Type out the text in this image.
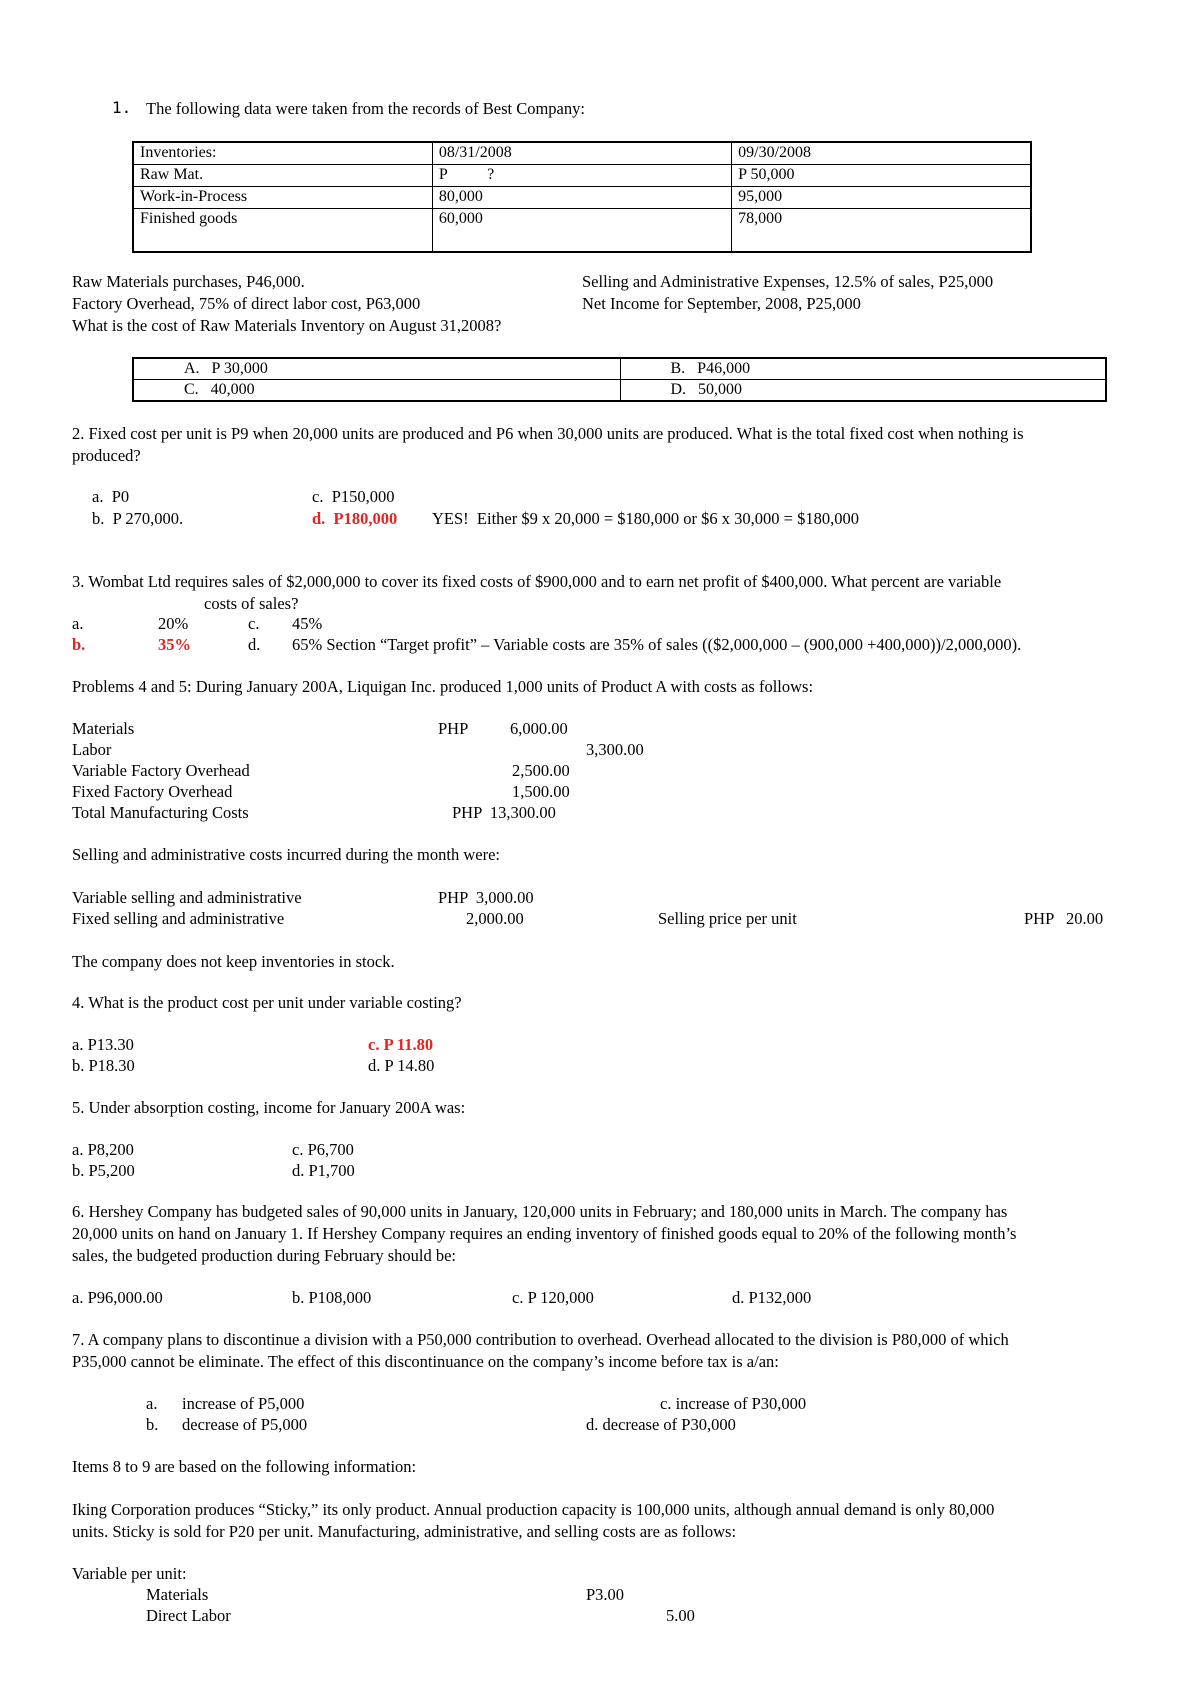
1. The following data were taken from the records of Best Company:
Inventories:	08/31/2008	09/30/2008
Raw Mat.	P          ?	P 50,000
Work-in-Process	80,000	95,000
Finished goods	60,000	78,000
Raw Materials purchases, P46,000.
Factory Overhead, 75% of direct labor cost, P63,000
What is the cost of Raw Materials Inventory on August 31,2008?
Selling and Administrative Expenses, 12.5% of sales, P25,000
Net Income for September, 2008, P25,000
A.   P 30,000	B.   P46,000
C.   40,000	D.   50,000
2. Fixed cost per unit is P9 when 20,000 units are produced and P6 when 30,000 units are produced. What is the total fixed cost when nothing is
produced?
a.  P0
b.  P 270,000.
c.  P150,000
d.  P180,000 YES!  Either $9 x 20,000 = $180,000 or $6 x 30,000 = $180,000
3. Wombat Ltd requires sales of $2,000,000 to cover its fixed costs of $900,000 and to earn net profit of $400,000. What percent are variable
costs of sales?
a.	20%	c. 45%
b.	35%	d. 65% Section “Target profit” – Variable costs are 35% of sales (($2,000,000 – (900,000 +400,000))/2,000,000).
Problems 4 and 5: During January 200A, Liquigan Inc. produced 1,000 units of Product A with costs as follows:
Materials	PHP	6,000.00
Labor	3,300.00
Variable Factory Overhead	2,500.00
Fixed Factory Overhead	1,500.00
Total Manufacturing Costs	PHP  13,300.00
Selling and administrative costs incurred during the month were:
Variable selling and administrative	PHP  3,000.00
Fixed selling and administrative	2,000.00	Selling price per unit	PHP   20.00
The company does not keep inventories in stock.
4. What is the product cost per unit under variable costing?
a. P13.30
b. P18.30
c. P 11.80
d. P 14.80
5. Under absorption costing, income for January 200A was:
a. P8,200
b. P5,200
c. P6,700
d. P1,700
6. Hershey Company has budgeted sales of 90,000 units in January, 120,000 units in February; and 180,000 units in March. The company has
20,000 units on hand on January 1. If Hershey Company requires an ending inventory of finished goods equal to 20% of the following month’s
sales, the budgeted production during February should be:
a. P96,000.00	b. P108,000	c. P 120,000	d. P132,000
7. A company plans to discontinue a division with a P50,000 contribution to overhead. Overhead allocated to the division is P80,000 of which
P35,000 cannot be eliminate. The effect of this discontinuance on the company’s income before tax is a/an:
a. increase of P5,000
b. decrease of P5,000
c. increase of P30,000
d. decrease of P30,000
Items 8 to 9 are based on the following information:
Iking Corporation produces “Sticky,” its only product. Annual production capacity is 100,000 units, although annual demand is only 80,000
units. Sticky is sold for P20 per unit. Manufacturing, administrative, and selling costs are as follows:
Variable per unit:
Materials	P3.00
Direct Labor	5.00
